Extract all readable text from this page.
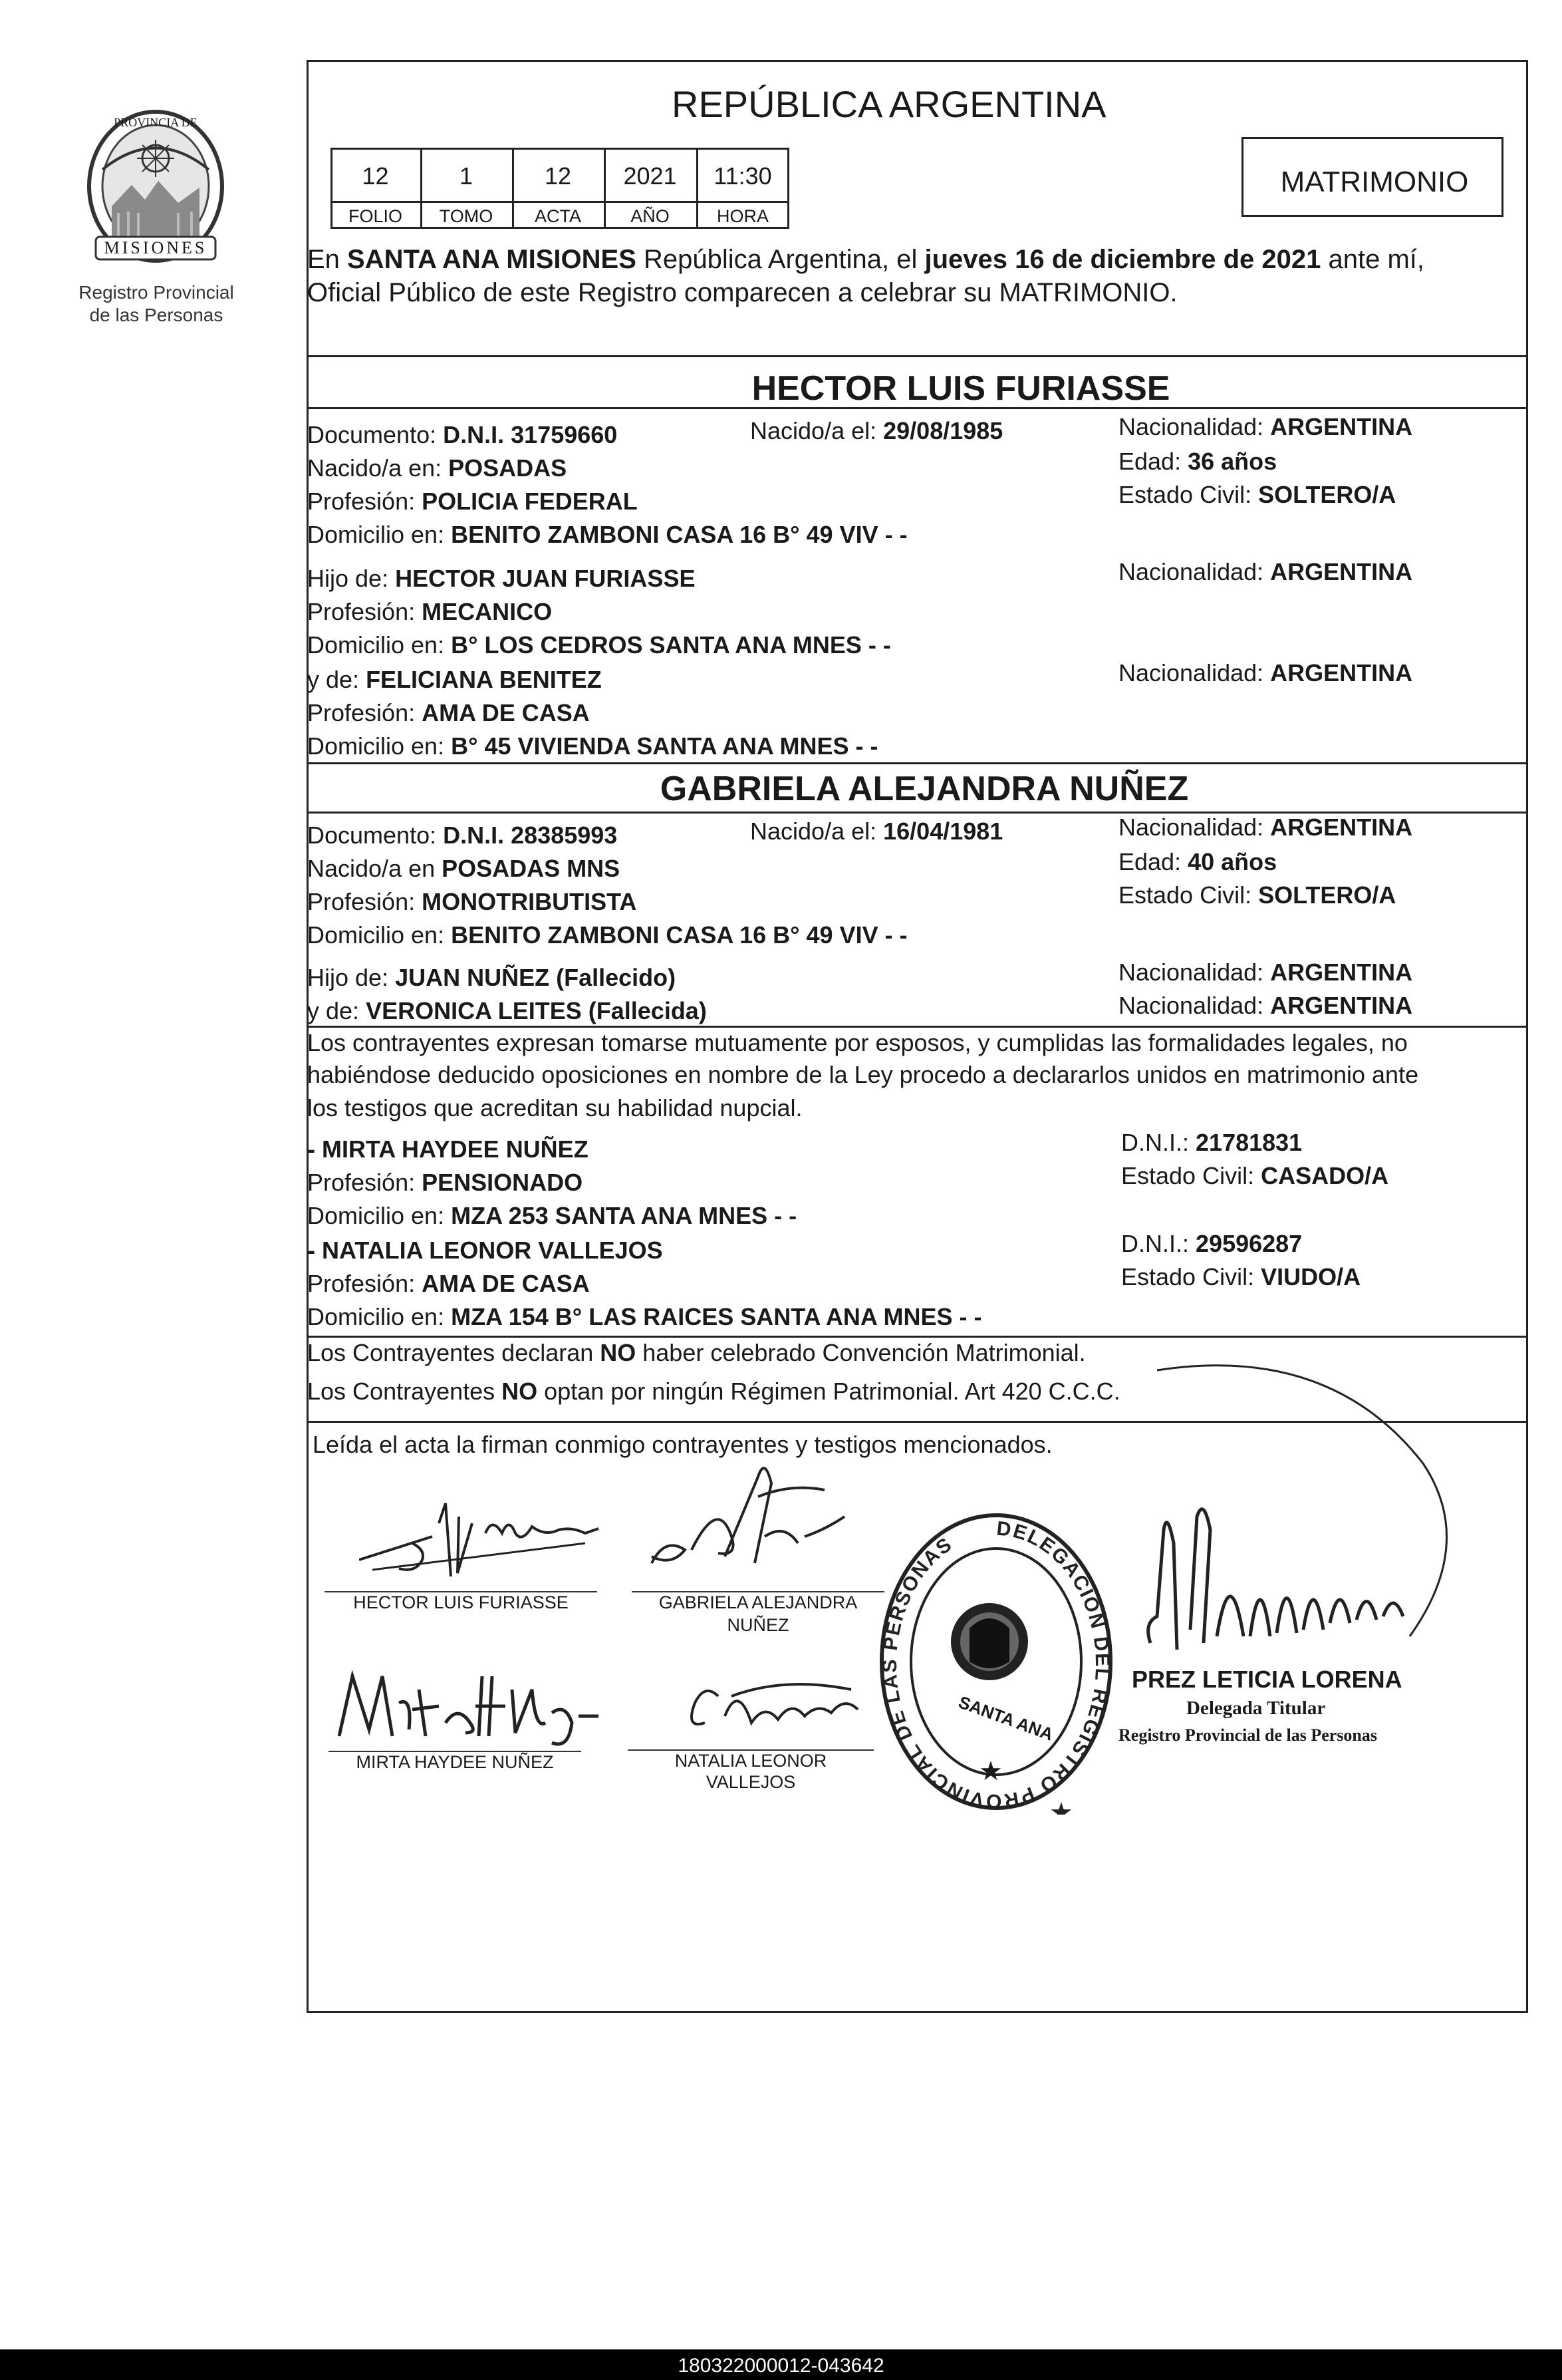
MISIONES
PROVINCIA DE
Registro Provincial
de las Personas
REPÚBLICA ARGENTINA
MATRIMONIO
12	1	12	2021	11:30
FOLIO	TOMO	ACTA	AÑO	HORA
En SANTA ANA MISIONES República Argentina, el jueves 16 de diciembre de 2021 ante mí,
Oficial Público de este Registro comparecen a celebrar su MATRIMONIO.
HECTOR LUIS FURIASSE
Documento: D.N.I. 31759660	Nacido/a el: 29/08/1985	Nacionalidad: ARGENTINA
Nacido/a en: POSADAS	Edad: 36 años
Profesión: POLICIA FEDERAL	Estado Civil: SOLTERO/A
Domicilio en: BENITO ZAMBONI CASA 16 B° 49 VIV - -
Hijo de: HECTOR JUAN FURIASSE	Nacionalidad: ARGENTINA
Profesión: MECANICO
Domicilio en: B° LOS CEDROS SANTA ANA MNES - -
y de: FELICIANA BENITEZ	Nacionalidad: ARGENTINA
Profesión: AMA DE CASA
Domicilio en: B° 45 VIVIENDA SANTA ANA MNES - -
GABRIELA ALEJANDRA NUÑEZ
Documento: D.N.I. 28385993	Nacido/a el: 16/04/1981	Nacionalidad: ARGENTINA
Nacido/a en POSADAS MNS	Edad: 40 años
Profesión: MONOTRIBUTISTA	Estado Civil: SOLTERO/A
Domicilio en: BENITO ZAMBONI CASA 16 B° 49 VIV - -
Hijo de: JUAN NUÑEZ (Fallecido)	Nacionalidad: ARGENTINA
y de: VERONICA LEITES (Fallecida)	Nacionalidad: ARGENTINA
Los contrayentes expresan tomarse mutuamente por esposos, y cumplidas las formalidades legales, no
habiéndose deducido oposiciones en nombre de la Ley procedo a declararlos unidos en matrimonio ante
los testigos que acreditan su habilidad nupcial.
- MIRTA HAYDEE NUÑEZ	D.N.I.: 21781831
Profesión: PENSIONADO	Estado Civil: CASADO/A
Domicilio en: MZA 253 SANTA ANA MNES - -
- NATALIA LEONOR VALLEJOS	D.N.I.: 29596287
Profesión: AMA DE CASA	Estado Civil: VIUDO/A
Domicilio en: MZA 154 B° LAS RAICES SANTA ANA MNES - -
Los Contrayentes declaran NO haber celebrado Convención Matrimonial.
Los Contrayentes NO optan por ningún Régimen Patrimonial. Art 420 C.C.C.
Leída el acta la firman conmigo contrayentes y testigos mencionados.
HECTOR LUIS FURIASSE	GABRIELA ALEJANDRA
NUÑEZ
MIRTA HAYDEE NUÑEZ	NATALIA LEONOR
VALLEJOS
DELEGACION DEL REGISTRO PROVINCIAL DE LAS PERSONAS
★
SANTA ANA
★
PREZ LETICIA LORENA
Delegada Titular
Registro Provincial de las Personas
180322000012-043642
